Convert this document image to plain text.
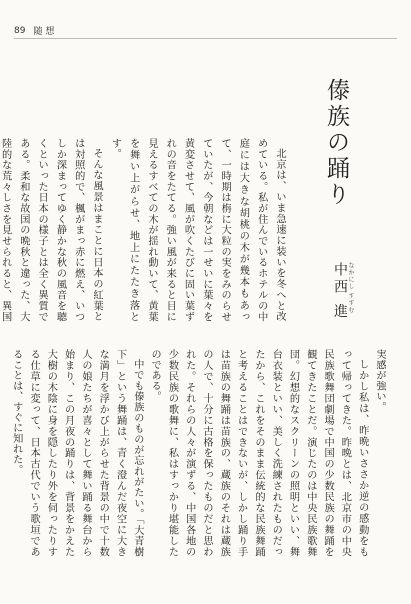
89 随 想
傣族の踊り
なかにし すすむ
中西 進

北京は、いま急速に装いを冬へと改めている。私が住んでいるホテルの中庭には大きな胡桃の木が幾本もあって、一時期は栴に大粒の実をみのらせていたが、今朝などは一せいに葉々を黄変させて、風が吹くたびに固い葉ずれの音をたてる。強い風が来ると目に見えるすべての木が揺れ動いて、黄葉を舞い上がらせ、地上にたたき落とす。

そんな風景はまことに日本の紅葉とは対照的で、楓がまっ赤に燃え、いつしか深まってゆく静かな秋の風音を聴くといった日本の様子とは全く異質である。柔和な故国の晩秋と違った、大陸的な荒々しさを見せられると、異国

実感が強い。

しかし私は、昨晩いささか逆の感動をもって帰ってきた。昨晩とは、北京市の中央民族歌舞団劇場で中国の少数民族の舞踊を観てきたことだ。演じたのは中央民族歌舞団。幻想的なスクリーンの照明といい、舞台衣装といい、美しく洗練されたものだったから、これをそのまま伝統的な民族舞踊と考えることはできないが、しかし踊り手は苗族の舞踊は苗族の、蔵族のそれは蔵族の人で、十分に古格を保ったものだと思われた。それらの人々が演ずる、中国各地の少数民族の歌舞に、私はすっかり堪能したのである。

中でも傣族のものが忘れがたい。「大青樹下」という舞踊は、青く澄んだ夜空に大きな満月を浮かび上がらせた背景の中で十数人の娘たちが喜々として舞い踊る舞台から始まり、この月夜の踊りは、背景をかえた大樹の木陰に身を隠したり外を伺ったりする仕草に変って、日本古代でいう歌垣であることは、すぐに知れた。
